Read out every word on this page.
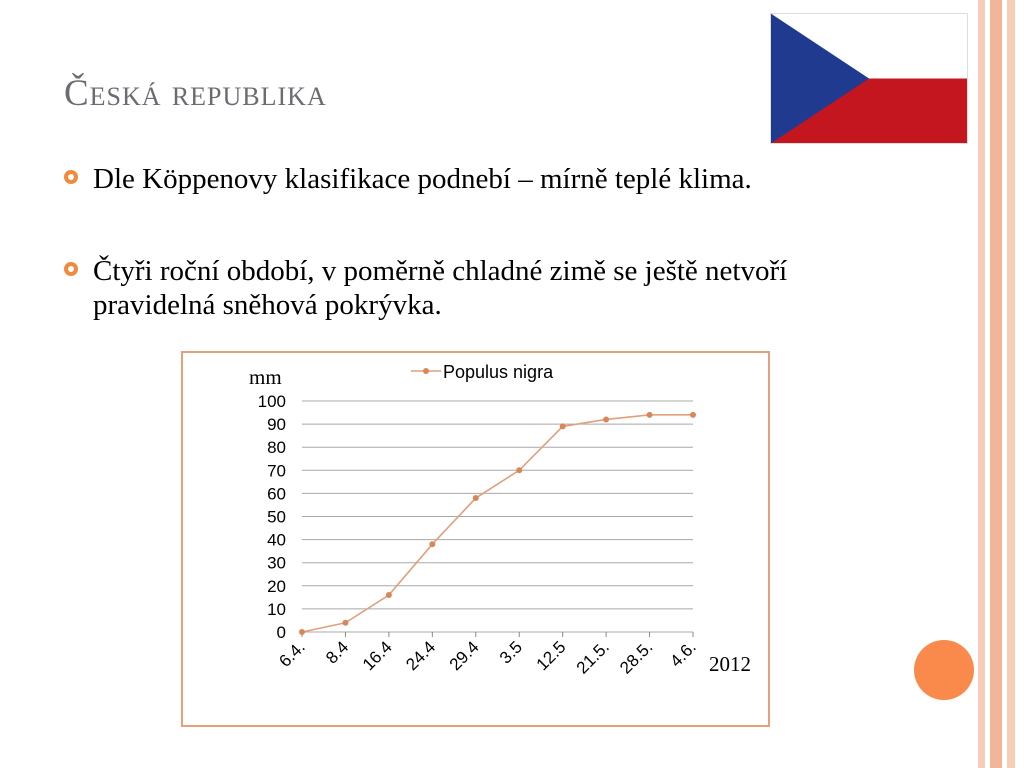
Česká republika
Dle Köppenovy klasifikace podnebí – mírně teplé klima.
Čtyři roční období, v poměrně chladné zimě se ještě netvoří pravidelná sněhová pokrývka.
0
10
20
30
40
50
60
70
80
90
100
6.4. 8.4 16.4 24.4 29.4 3.5 12.5 21.5. 28.5. 4.6.
mm
2012
Populus nigra
